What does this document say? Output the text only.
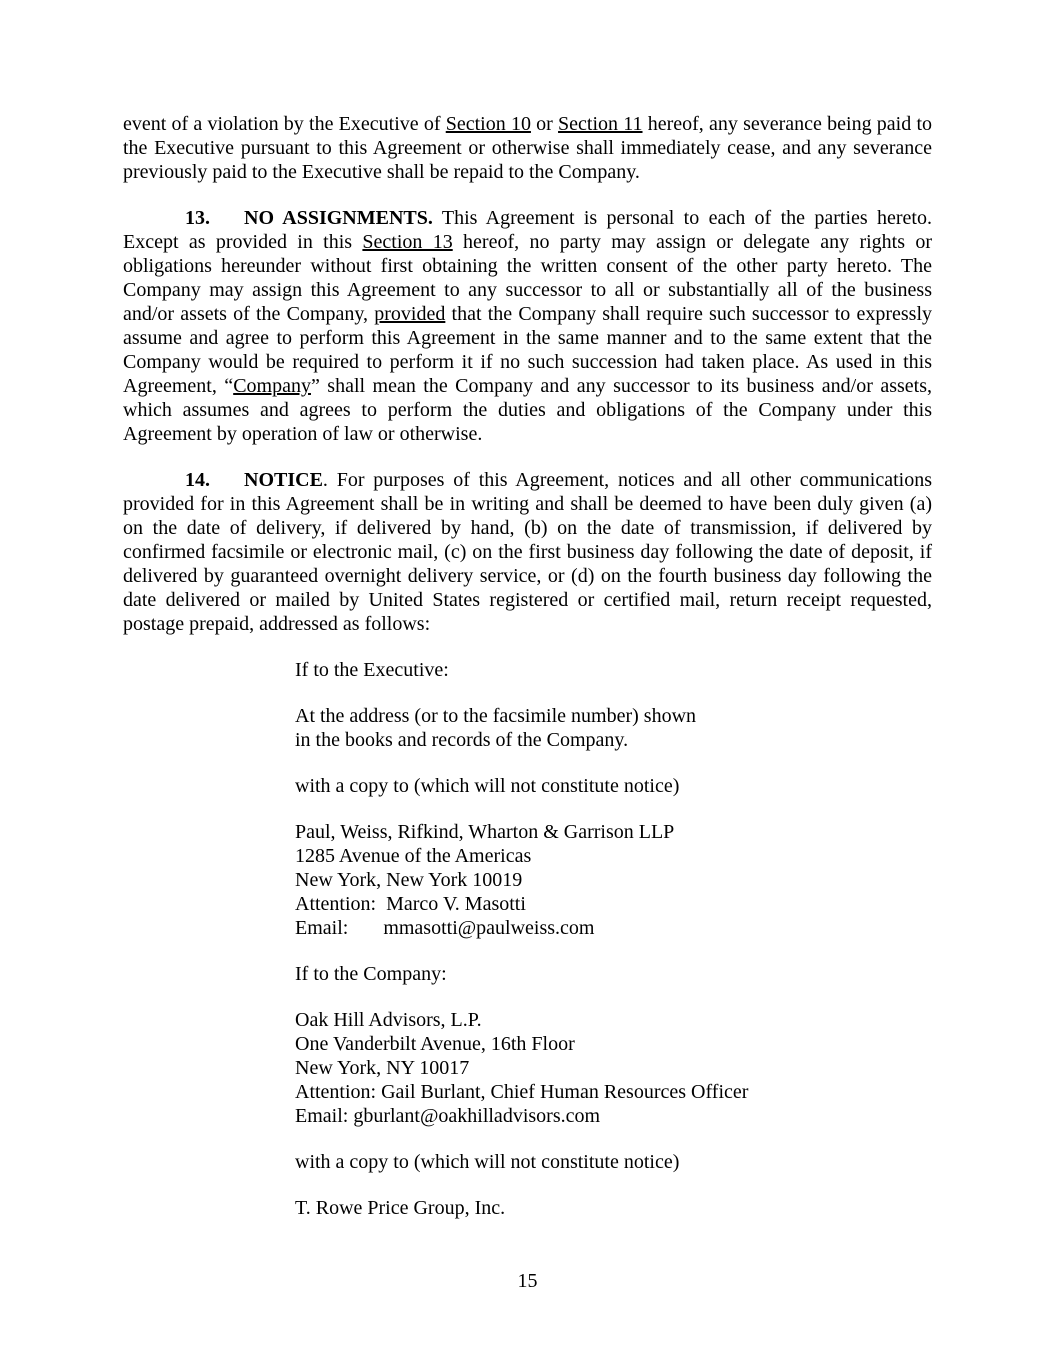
event of a violation by the Executive of Section 10 or Section 11 hereof, any severance being paid to the Executive pursuant to this Agreement or otherwise shall immediately cease, and any severance previously paid to the Executive shall be repaid to the Company.

13. NO ASSIGNMENTS. This Agreement is personal to each of the parties hereto. Except as provided in this Section 13 hereof, no party may assign or delegate any rights or obligations hereunder without first obtaining the written consent of the other party hereto. The Company may assign this Agreement to any successor to all or substantially all of the business and/or assets of the Company, provided that the Company shall require such successor to expressly assume and agree to perform this Agreement in the same manner and to the same extent that the Company would be required to perform it if no such succession had taken place. As used in this Agreement, “Company” shall mean the Company and any successor to its business and/or assets, which assumes and agrees to perform the duties and obligations of the Company under this Agreement by operation of law or otherwise.

14. NOTICE. For purposes of this Agreement, notices and all other communications provided for in this Agreement shall be in writing and shall be deemed to have been duly given (a) on the date of delivery, if delivered by hand, (b) on the date of transmission, if delivered by confirmed facsimile or electronic mail, (c) on the first business day following the date of deposit, if delivered by guaranteed overnight delivery service, or (d) on the fourth business day following the date delivered or mailed by United States registered or certified mail, return receipt requested, postage prepaid, addressed as follows:

If to the Executive:
At the address (or to the facsimile number) shown
in the books and records of the Company.
with a copy to (which will not constitute notice)
Paul, Weiss, Rifkind, Wharton & Garrison LLP
1285 Avenue of the Americas
New York, New York 10019
Attention:  Marco V. Masotti
Email:       mmasotti@paulweiss.com
If to the Company:
Oak Hill Advisors, L.P.
One Vanderbilt Avenue, 16th Floor
New York, NY 10017
Attention: Gail Burlant, Chief Human Resources Officer
Email: gburlant@oakhilladvisors.com
with a copy to (which will not constitute notice)
T. Rowe Price Group, Inc.
15
